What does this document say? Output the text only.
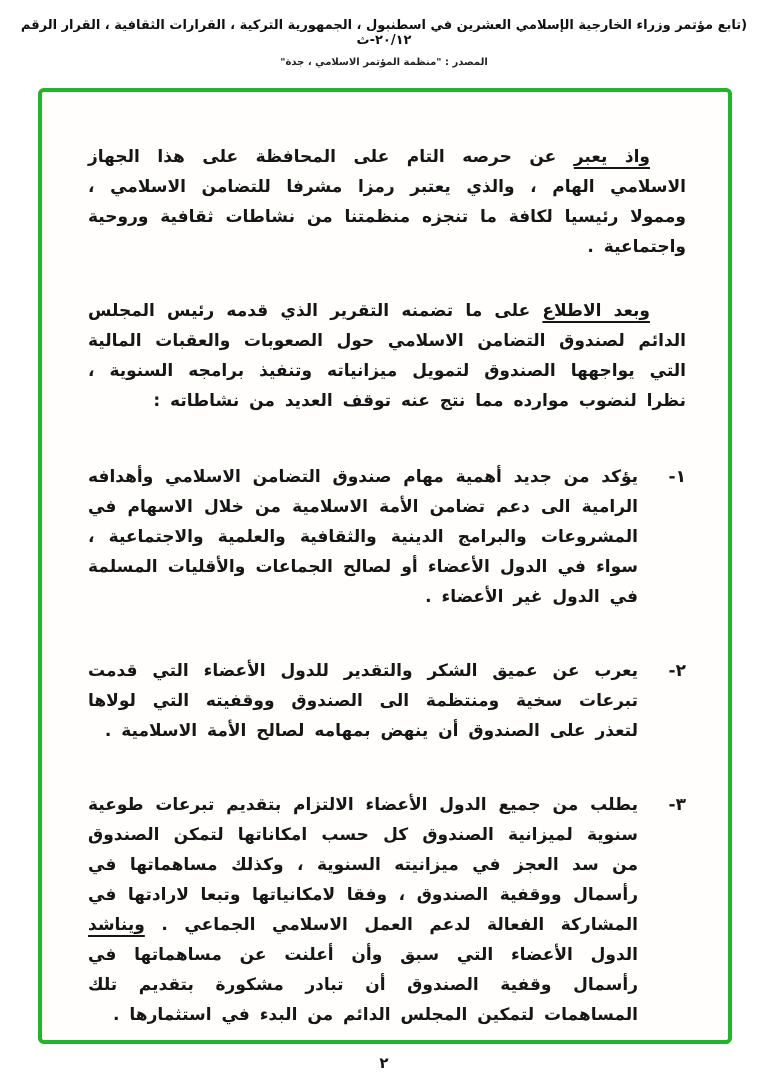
(تابع مؤتمر وزراء الخارجية الإسلامي العشرين في اسطنبول ، الجمهورية التركية ، القرارات الثقافية ، القرار الرقم ٢٠/١٢-ث
المصدر : "منظمة المؤتمر الاسلامي ، جدة"

واذ يعبر عن حرصه التام على المحافظة على هذا الجهاز الاسلامي الهام ، والذي يعتبر رمزا مشرفا للتضامن الاسلامي ، وممولا رئيسيا لكافة ما تنجزه منظمتنا من نشاطات ثقافية وروحية واجتماعية .

وبعد الاطلاع على ما تضمنه التقرير الذي قدمه رئيس المجلس الدائم لصندوق التضامن الاسلامي حول الصعوبات والعقبات المالية التي يواجهها الصندوق لتمويل ميزانياته وتنفيذ برامجه السنوية ، نظرا لنضوب موارده مما نتج عنه توقف العديد من نشاطاته :

١-
يؤكد من جديد أهمية مهام صندوق التضامن الاسلامي وأهدافه الرامية الى دعم تضامن الأمة الاسلامية من خلال الاسهام في المشروعات والبرامج الدينية والثقافية والعلمية والاجتماعية ، سواء في الدول الأعضاء أو لصالح الجماعات والأقليات المسلمة في الدول غير الأعضاء .
٢-
يعرب عن عميق الشكر والتقدير للدول الأعضاء التي قدمت تبرعات سخية ومنتظمة الى الصندوق ووقفيته التي لولاها لتعذر على الصندوق أن ينهض بمهامه لصالح الأمة الاسلامية .
٣-
يطلب من جميع الدول الأعضاء الالتزام بتقديم تبرعات طوعية سنوية لميزانية الصندوق كل حسب امكاناتها لتمكن الصندوق من سد العجز في ميزانيته السنوية ، وكذلك مساهماتها في رأسمال ووقفية الصندوق ، وفقا لامكانياتها وتبعا لارادتها في المشاركة الفعالة لدعم العمل الاسلامي الجماعي . ويناشد الدول الأعضاء التي سبق وأن أعلنت عن مساهماتها في رأسمال وقفية الصندوق أن تبادر مشكورة بتقديم تلك المساهمات لتمكين المجلس الدائم من البدء في استثمارها .
٢
